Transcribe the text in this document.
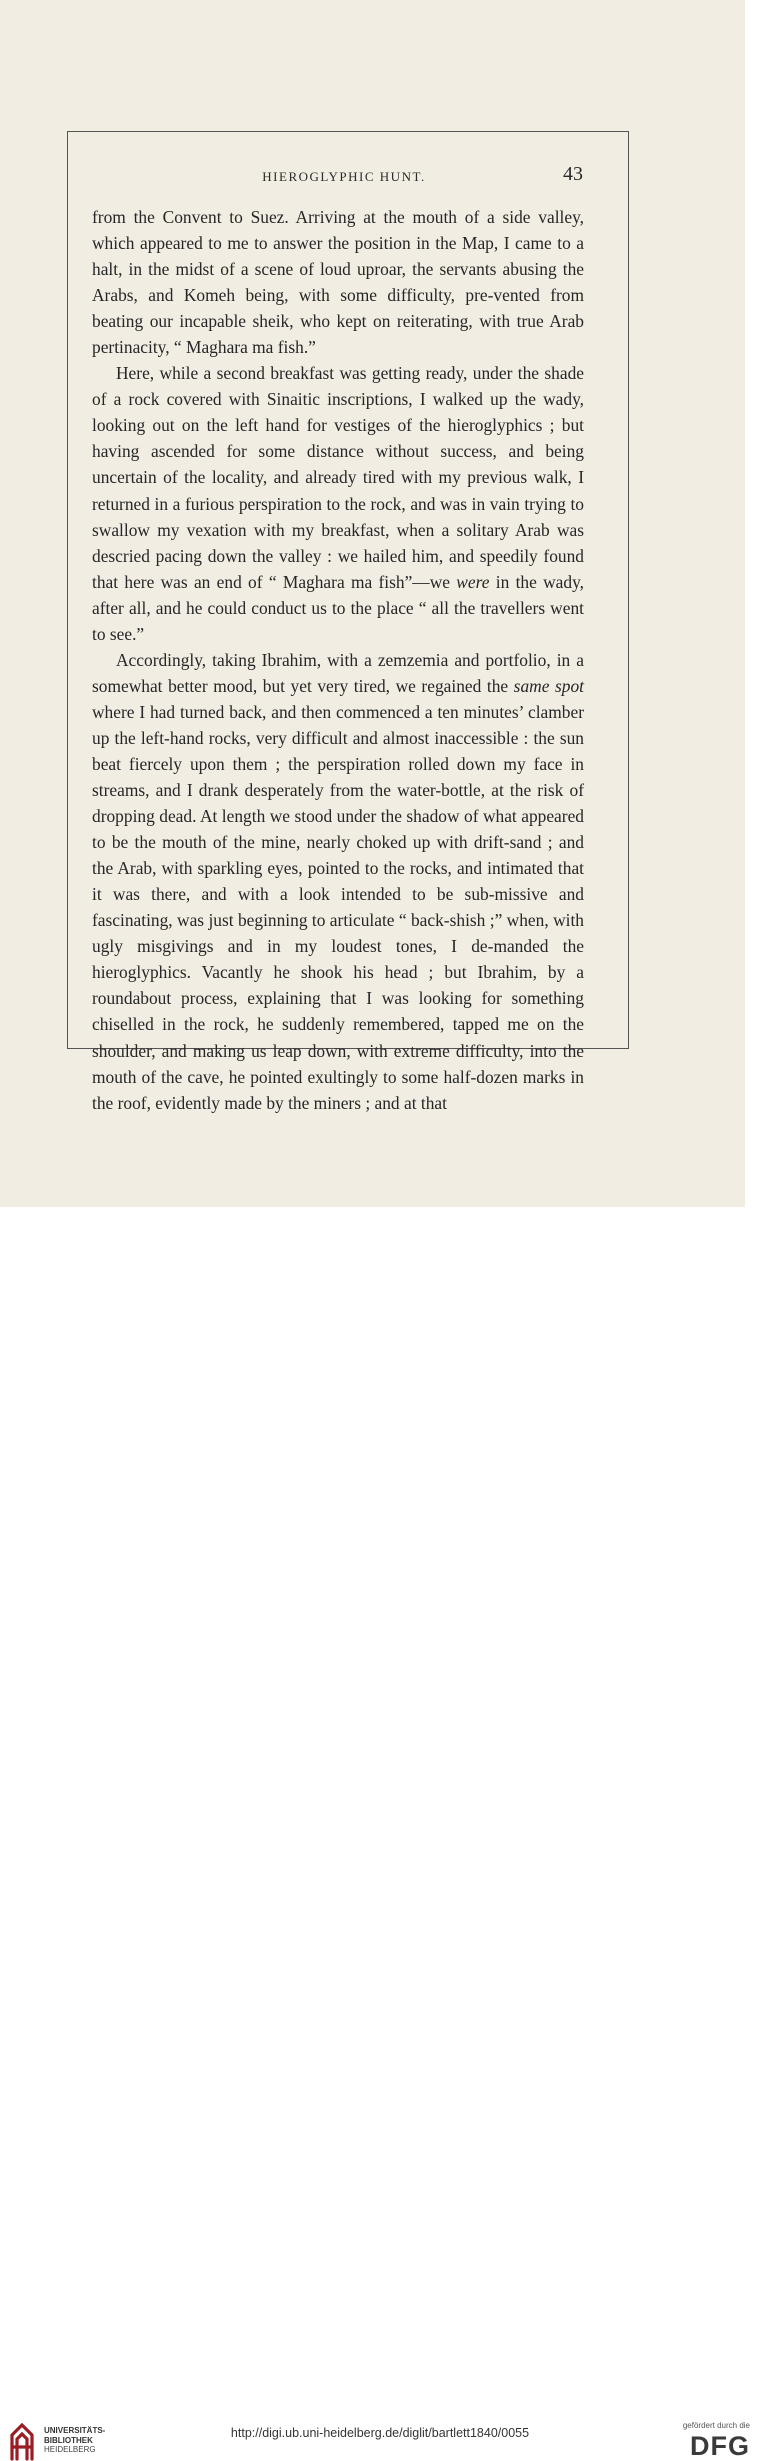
HIEROGLYPHIC HUNT.	43

from the Convent to Suez. Arriving at the mouth of a side valley, which appeared to me to answer the position in the Map, I came to a halt, in the midst of a scene of loud uproar, the servants abusing the Arabs, and Komeh being, with some difficulty, pre-vented from beating our incapable sheik, who kept on reiterating, with true Arab pertinacity, “ Maghara ma fish.”

Here, while a second breakfast was getting ready, under the shade of a rock covered with Sinaitic inscriptions, I walked up the wady, looking out on the left hand for vestiges of the hieroglyphics ; but having ascended for some distance without success, and being uncertain of the locality, and already tired with my previous walk, I returned in a furious perspiration to the rock, and was in vain trying to swallow my vexation with my breakfast, when a solitary Arab was descried pacing down the valley : we hailed him, and speedily found that here was an end of “ Maghara ma fish”—we were in the wady, after all, and he could conduct us to the place “ all the travellers went to see.”

Accordingly, taking Ibrahim, with a zemzemia and portfolio, in a somewhat better mood, but yet very tired, we regained the same spot where I had turned back, and then commenced a ten minutes’ clamber up the left-hand rocks, very difficult and almost inaccessible : the sun beat fiercely upon them ; the perspiration rolled down my face in streams, and I drank desperately from the water-bottle, at the risk of dropping dead. At length we stood under the shadow of what appeared to be the mouth of the mine, nearly choked up with drift-sand ; and the Arab, with sparkling eyes, pointed to the rocks, and intimated that it was there, and with a look intended to be sub-missive and fascinating, was just beginning to articulate “ back-shish ;” when, with ugly misgivings and in my loudest tones, I de-manded the hieroglyphics. Vacantly he shook his head ; but Ibrahim, by a roundabout process, explaining that I was looking for something chiselled in the rock, he suddenly remembered, tapped me on the shoulder, and making us leap down, with extreme difficulty, into the mouth of the cave, he pointed exultingly to some half-dozen marks in the roof, evidently made by the miners ; and at that

UNIVERSITÄTS-
BIBLIOTHEK
HEIDELBERG
http://digi.ub.uni-heidelberg.de/diglit/bartlett1840/0055
gefördert durch die
DFG
